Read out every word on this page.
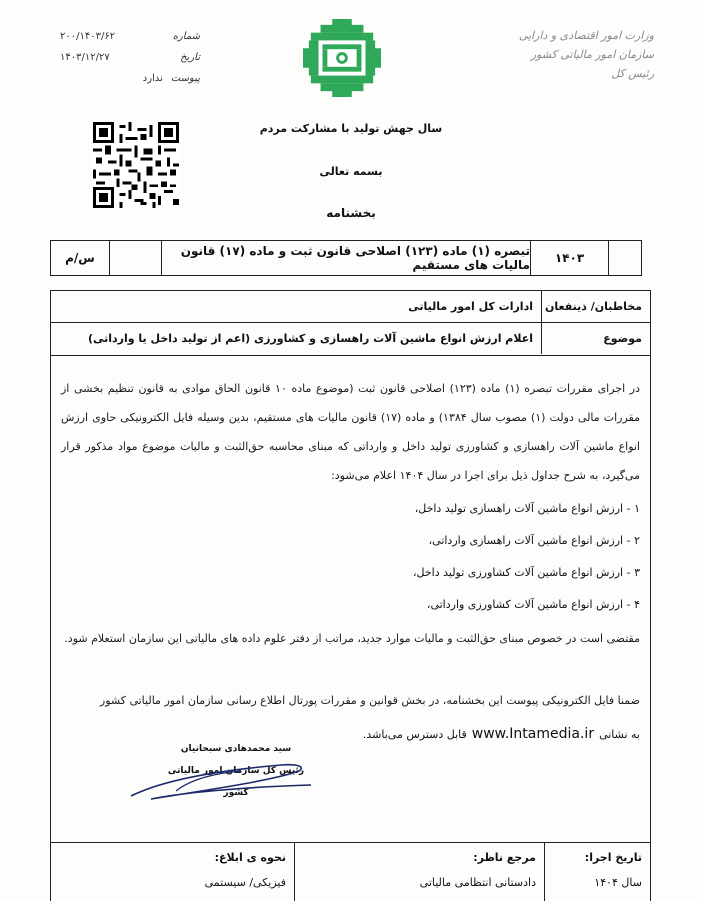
شماره
۲۰۰/۱۴۰۳/۶۲
تاریخ
۱۴۰۳/۱۲/۲۷
پیوست
ندارد
وزارت امور اقتصادی و دارایی
سازمان امور مالیاتی کشور
رئیس کل
سال جهش تولید با مشارکت مردم
بسمه تعالی
بخشنامه
۱۴۰۳
تبصره (۱) ماده (۱۲۳) اصلاحی قانون ثبت و ماده (۱۷) قانون مالیات های مستقیم
س/م
مخاطبان/ ذینفعان
ادارات کل امور مالیاتی
موضوع
اعلام ارزش انواع ماشین آلات راهسازی و کشاورزی (اعم از تولید داخل یا وارداتی)

در اجرای مقررات تبصره (۱) ماده (۱۲۳) اصلاحی قانون ثبت (موضوع ماده ۱۰ قانون الحاق موادی به قانون تنظیم بخشی از مقررات مالی دولت (۱) مصوب سال ۱۳۸۴) و ماده (۱۷) قانون مالیات های مستقیم، بدین وسیله فایل الکترونیکی حاوی ارزش انواع ماشین آلات راهسازی و کشاورزی تولید داخل و وارداتی که مبنای محاسبه حق‌الثبت و مالیات موضوع مواد مذکور قرار می‌گیرد، به شرح جداول ذیل برای اجرا در سال ۱۴۰۴ اعلام می‌شود:

۱ - ارزش انواع ماشین آلات راهسازی تولید داخل،
۲ - ارزش انواع ماشین آلات راهسازی وارداتی،
۳ - ارزش انواع ماشین آلات کشاورزی تولید داخل،
۴ - ارزش انواع ماشین آلات کشاورزی وارداتی،

مقتضی است در خصوص مبنای حق‌الثبت و مالیات موارد جدید، مراتب از دفتر علوم داده های مالیاتی این سازمان استعلام شود.

ضمنا فایل الکترونیکی پیوست این بخشنامه، در بخش قوانین و مقررات پورتال اطلاع رسانی سازمان امور مالیاتی کشور

به نشانی
www.Intamedia.ir
قابل دسترس می‌باشد.
سید محمدهادی سبحانیان
رئیس کل سازمان امور مالیاتی کشور
تاریخ اجرا:
سال ۱۴۰۴
مرجع ناظر:
دادستانی انتظامی مالیاتی
نحوه ی ابلاغ:
فیزیکی/ سیستمی
